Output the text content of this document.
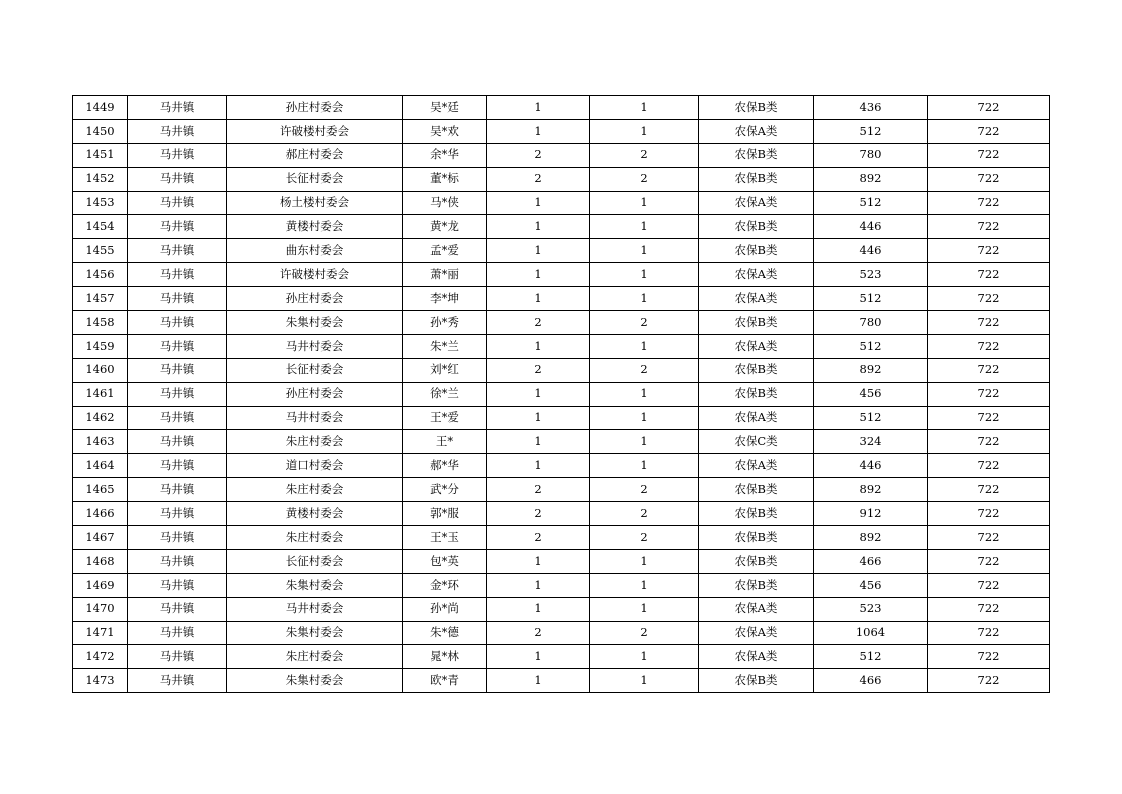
1449	马井镇	孙庄村委会	吴*廷	1	1	农保B类	436	722
1450	马井镇	许破楼村委会	吴*欢	1	1	农保A类	512	722
1451	马井镇	郝庄村委会	余*华	2	2	农保B类	780	722
1452	马井镇	长征村委会	董*标	2	2	农保B类	892	722
1453	马井镇	杨土楼村委会	马*侠	1	1	农保A类	512	722
1454	马井镇	黄楼村委会	黄*龙	1	1	农保B类	446	722
1455	马井镇	曲东村委会	孟*爱	1	1	农保B类	446	722
1456	马井镇	许破楼村委会	萧*丽	1	1	农保A类	523	722
1457	马井镇	孙庄村委会	李*坤	1	1	农保A类	512	722
1458	马井镇	朱集村委会	孙*秀	2	2	农保B类	780	722
1459	马井镇	马井村委会	朱*兰	1	1	农保A类	512	722
1460	马井镇	长征村委会	刘*红	2	2	农保B类	892	722
1461	马井镇	孙庄村委会	徐*兰	1	1	农保B类	456	722
1462	马井镇	马井村委会	王*爱	1	1	农保A类	512	722
1463	马井镇	朱庄村委会	王*	1	1	农保C类	324	722
1464	马井镇	道口村委会	郝*华	1	1	农保A类	446	722
1465	马井镇	朱庄村委会	武*分	2	2	农保B类	892	722
1466	马井镇	黄楼村委会	郭*服	2	2	农保B类	912	722
1467	马井镇	朱庄村委会	王*玉	2	2	农保B类	892	722
1468	马井镇	长征村委会	包*英	1	1	农保B类	466	722
1469	马井镇	朱集村委会	金*环	1	1	农保B类	456	722
1470	马井镇	马井村委会	孙*尚	1	1	农保A类	523	722
1471	马井镇	朱集村委会	朱*德	2	2	农保A类	1064	722
1472	马井镇	朱庄村委会	晁*林	1	1	农保A类	512	722
1473	马井镇	朱集村委会	欧*青	1	1	农保B类	466	722
